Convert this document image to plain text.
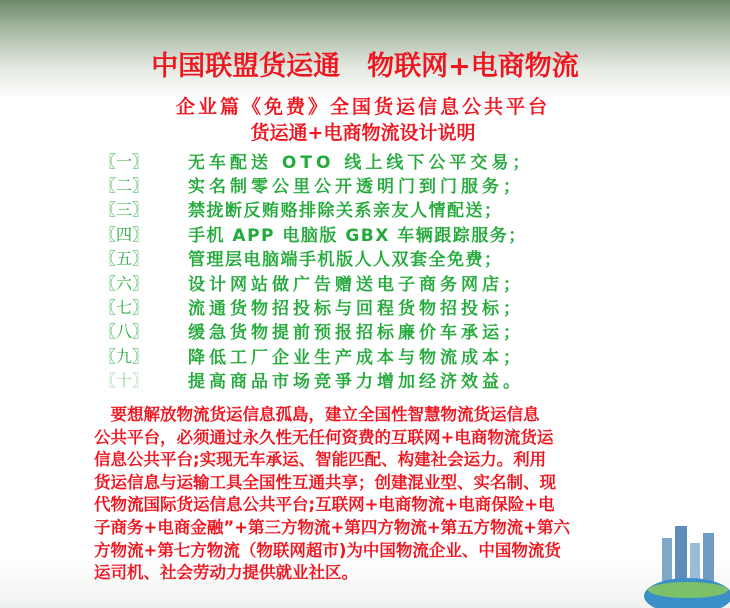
中国联盟货运通　物联网+电商物流
企业篇《免费》全国货运信息公共平台
货运通+电商物流设计说明
〖一〗	无车配送 OTO 线上线下公平交易；
〖二〗	实名制零公里公开透明门到门服务；
〖三〗	禁拢断反贿赂排除关系亲友人情配送；
〖四〗	手机 APP 电脑版 GBX 车辆跟踪服务；
〖五〗	管理层电脑端手机版人人双套全免费；
〖六〗	设计网站做广告赠送电子商务网店；
〖七〗	流通货物招投标与回程货物招投标；
〖八〗	缓急货物提前预报招标廉价车承运；
〖九〗	降低工厂企业生产成本与物流成本；
〖十〗	提高商品市场竞爭力增加经济效益。
　要想解放物流货运信息孤島，建立全国性智慧物流货运信息
公共平台，必须通过永久性无任何资费的互联网+电商物流货运
信息公共平台;实现无车承运、智能匹配、构建社会运力。利用
货运信息与运输工具全国性互通共享；创建混业型、实名制、现
代物流国际货运信息公共平台;互联网+电商物流+电商保险+电
子商务+电商金融”+第三方物流+第四方物流+第五方物流+第六
方物流+第七方物流（物联网超市)为中国物流企业、中国物流货
运司机、社会劳动力提供就业社区。
